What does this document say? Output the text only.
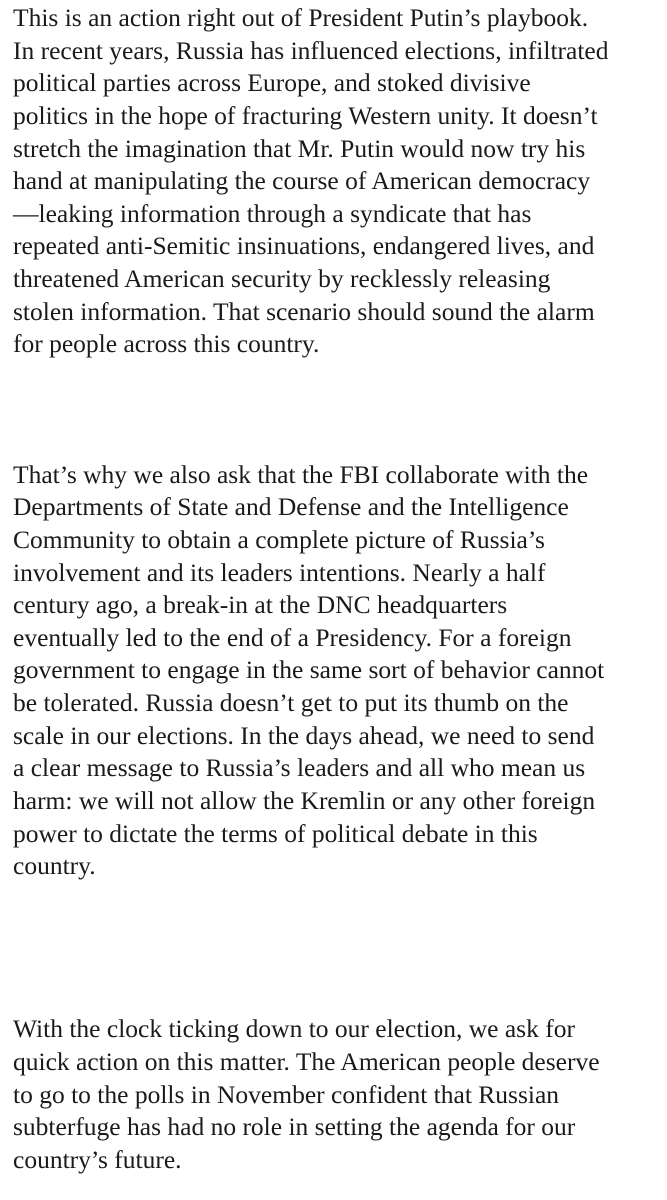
This is an action right out of President Putin’s playbook.
In recent years, Russia has influenced elections, infiltrated
political parties across Europe, and stoked divisive
politics in the hope of fracturing Western unity. It doesn’t
stretch the imagination that Mr. Putin would now try his
hand at manipulating the course of American democracy
—leaking information through a syndicate that has
repeated anti-Semitic insinuations, endangered lives, and
threatened American security by recklessly releasing
stolen information. That scenario should sound the alarm
for people across this country.
That’s why we also ask that the FBI collaborate with the
Departments of State and Defense and the Intelligence
Community to obtain a complete picture of Russia’s
involvement and its leaders intentions. Nearly a half
century ago, a break-in at the DNC headquarters
eventually led to the end of a Presidency. For a foreign
government to engage in the same sort of behavior cannot
be tolerated. Russia doesn’t get to put its thumb on the
scale in our elections. In the days ahead, we need to send
a clear message to Russia’s leaders and all who mean us
harm: we will not allow the Kremlin or any other foreign
power to dictate the terms of political debate in this
country.
With the clock ticking down to our election, we ask for
quick action on this matter. The American people deserve
to go to the polls in November confident that Russian
subterfuge has had no role in setting the agenda for our
country’s future.
